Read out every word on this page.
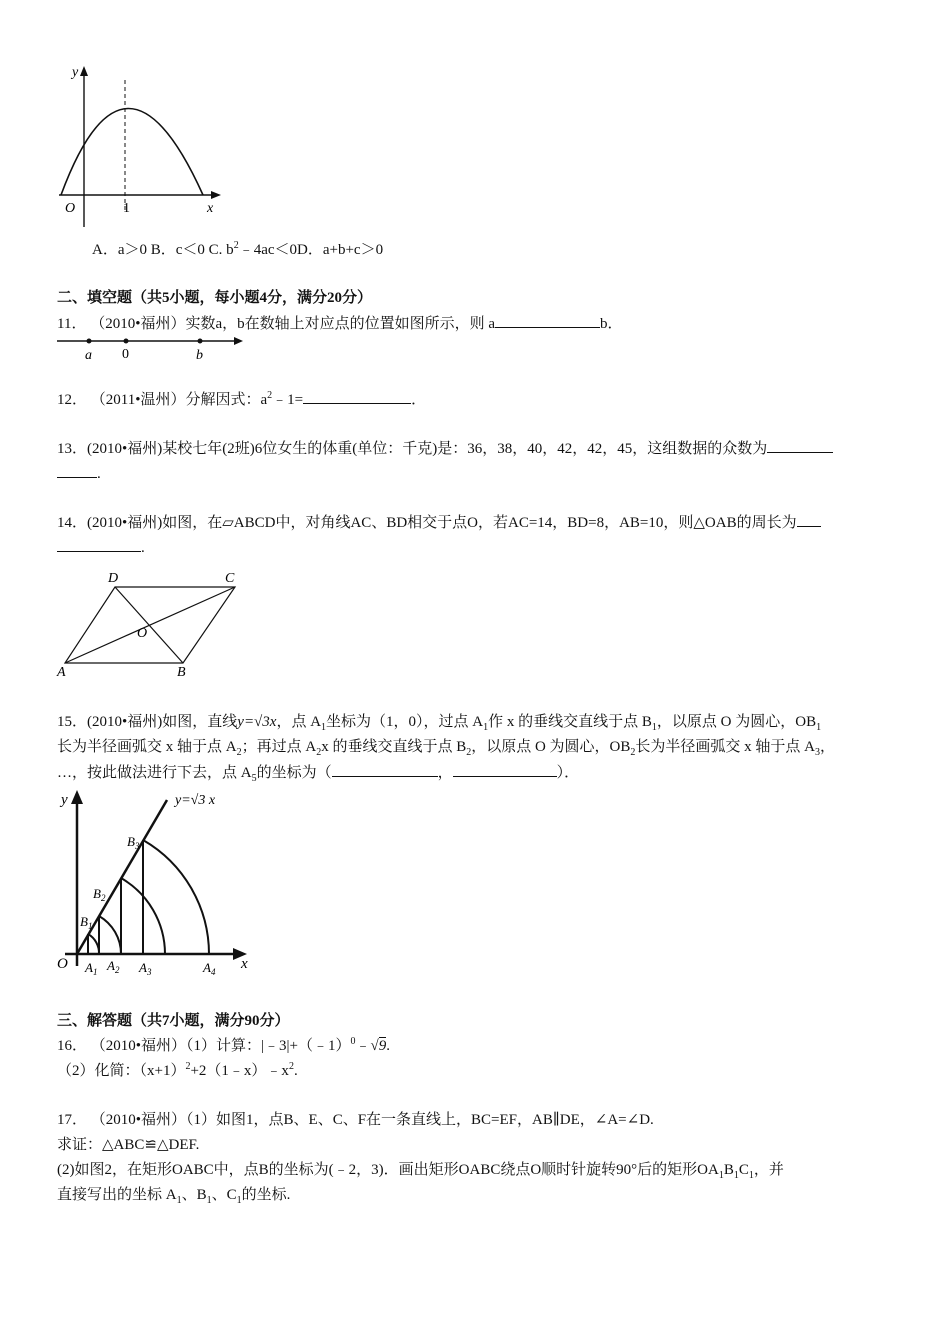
y
x
O	1
A．a＞0 B．c＜0 C. $b^2﹣4ac<0D$．a+b+c＞0
二、填空题（共5小题，每小题4分，满分20分）
11． （2010•福州）实数a，b在数轴上对应点的位置如图所示，则 a	b．
a 0	b
12． （2011•温州）分解因式：$a^2﹣1=$	．
13．(2010•福州)某校七年(2班)6位女生的体重(单位：千克)是：36，38，40，42，42，45，这组数据的众数为
.
14．(2010•福州)如图，在▱ABCD中，对角线AC、BD相交于点O，若AC=14，BD=8，AB=10，则△OAB的周长为
.
A	B
C
D
O
15．(2010•福州)如图，直线y=√3x，点 $A_1$坐标为（1，0），过点 $A_1$作 x 的垂线交直线于点 $B_1$，以原点 O 为圆心，$OB_1$
长为半径画弧交 x 轴于点 $A_2$；再过点 $A_2x$ 的垂线交直线于点 $B_2$，以原点 O 为圆心，$OB_2$长为半径画弧交 x 轴于点 $A_3$，
…，按此做法进行下去，点 $A_5$的坐标为（	，	）．
y
x
O
y=√3 x
$A_1$ $A_2$ $A_3$	$A_4$
$B_1$
$B_2$
$B_3$
三、解答题（共7小题，满分90分）
16． （2010•福州）（1）计算：|﹣3|+（﹣1）$^0$﹣√9.
（2）化简：$(x+1)^2+2(1﹣x)﹣x^2$.
17． （2010•福州）（1）如图1，点B、E、C、F在一条直线上，BC=EF，AB∥DE，∠A=∠D.
求证：△ABC≌△DEF.
(2)如图2，在矩形OABC中，点B的坐标为(﹣2，3)．画出矩形OABC绕点O顺时针旋转90°后的矩形$OA_1B_1C_1$，并
直接写出的坐标 $A_1$、$B_1$、$C_1$的坐标.
